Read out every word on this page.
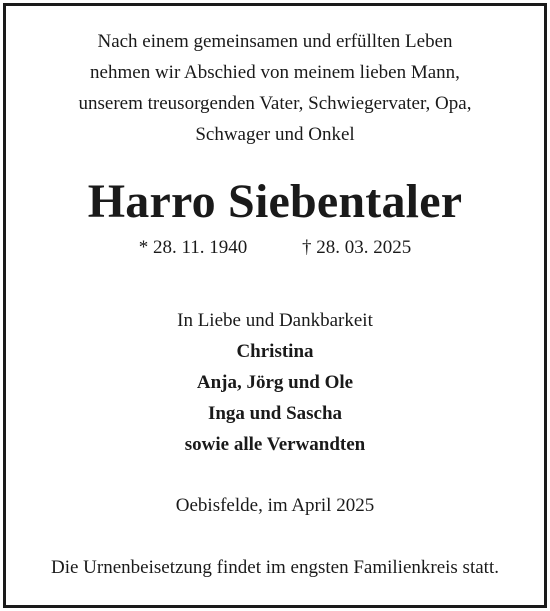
Nach einem gemeinsamen und erfüllten Leben
nehmen wir Abschied von meinem lieben Mann,
unserem treusorgenden Vater, Schwiegervater, Opa,
Schwager und Onkel
Harro Siebentaler
* 28. 11. 1940	† 28. 03. 2025
In Liebe und Dankbarkeit
Christina
Anja, Jörg und Ole
Inga und Sascha
sowie alle Verwandten
Oebisfelde, im April 2025
Die Urnenbeisetzung findet im engsten Familienkreis statt.
